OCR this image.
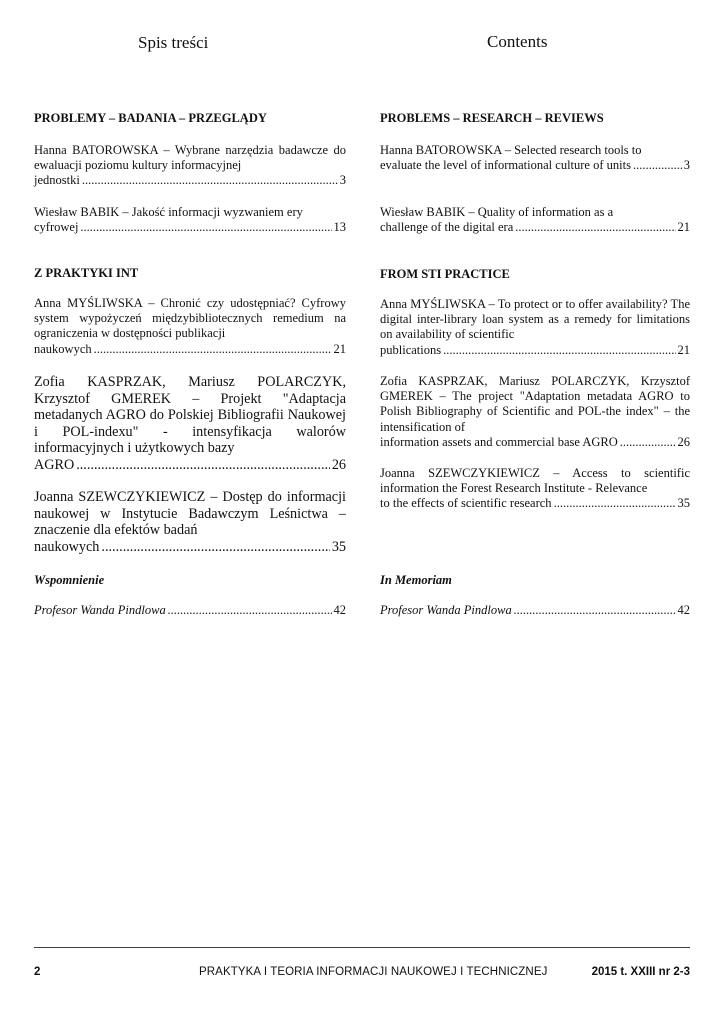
Spis treści
PROBLEMY – BADANIA – PRZEGLĄDY
Hanna BATOROWSKA – Wybrane narzędzia badawcze do ewaluacji poziomu kultury informacyjnej
jednostki .....	3
Wiesław BABIK – Jakość informacji wyzwaniem ery
cyfrowej .....	13
Z PRAKTYKI INT
Anna MYŚLIWSKA – Chronić czy udostępniać? Cyfrowy system wypożyczeń międzybibliotecznych remedium na ograniczenia w dostępności publikacji
naukowych .....	21
Zofia KASPRZAK, Mariusz POLARCZYK, Krzysztof GMEREK – Projekt "Adaptacja metadanych AGRO do Polskiej Bibliografii Naukowej i POL-indexu" - intensyfikacja walorów informacyjnych i użytkowych bazy
AGRO .....	26
Joanna SZEWCZYKIEWICZ – Dostęp do informacji naukowej w Instytucie Badawczym Leśnictwa – znaczenie dla efektów badań
naukowych .....	35
Wspomnienie
Profesor Wanda Pindlowa .....	42
Contents
PROBLEMS – RESEARCH – REVIEWS
Hanna BATOROWSKA – Selected research tools to
evaluate the level of informational culture of units .....	3
Wiesław BABIK – Quality of information as a
challenge of the digital era .....	21
FROM STI PRACTICE
Anna MYŚLIWSKA – To protect or to offer availability? The digital inter-library loan system as a remedy for limitations on availability of scientific
publications .....	21
Zofia KASPRZAK, Mariusz POLARCZYK, Krzysztof GMEREK – The project "Adaptation metadata AGRO to Polish Bibliography of Scientific and POL-the index" – the intensification of
information assets and commercial base AGRO .....	26
Joanna SZEWCZYKIEWICZ – Access to scientific information the Forest Research Institute - Relevance
to the effects of scientific research .....	35
In Memoriam
Profesor Wanda Pindlowa .....	42
2	PRAKTYKA I TEORIA INFORMACJI NAUKOWEJ I TECHNICZNEJ	2015 t. XXIII nr 2-3
